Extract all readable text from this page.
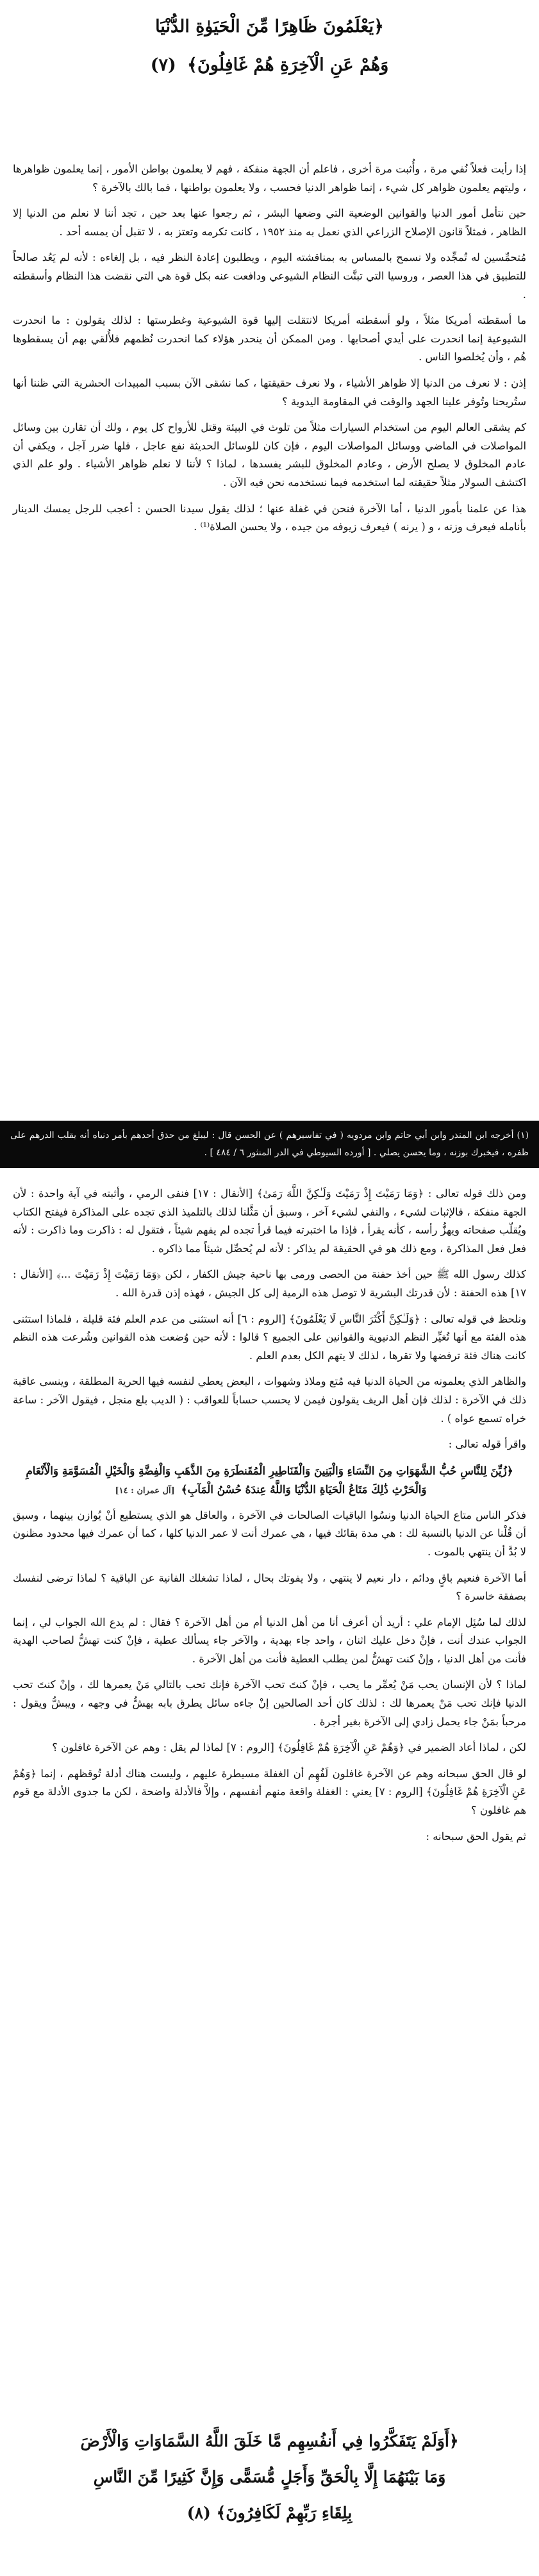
﴿يَعْلَمُونَ ظَاهِرًا مِّنَ الْحَيَوٰةِ الدُّنْيَا
وَهُمْ عَنِ الْآخِرَةِ هُمْ غَافِلُونَ﴾ (٧)

إذا رأيت فعلاً نُفي مرة ، وأُثبت مرة أخرى ، فاعلم أن الجهة منفكة ، فهم لا يعلمون بواطن الأمور ، إنما يعلمون ظواهرها ، وليتهم يعلمون ظواهر كل شيء ، إنما ظواهر الدنيا فحسب ، ولا يعلمون بواطنها ، فما بالك بالآخرة ؟

حين نتأمل أمور الدنيا والقوانين الوضعية التي وضعها البشر ، ثم رجعوا عنها بعد حين ، تجد أننا لا نعلم من الدنيا إلا الظاهر ، فمثلاً قانون الإصلاح الزراعي الذي نعمل به منذ ١٩٥٢ ، كانت تكرمه وتعتز به ، لا تقبل أن يمسه أحد .

مُتحمِّسين له تُمجِّده ولا نسمح بالمساس به بمناقشته اليوم ، ويطلبون إعادة النظر فيه ، بل إلغاءه : لأنه لم يَعُد صالحاً للتطبيق في هذا العصر ، وروسيا التي تبنَّت النظام الشيوعي ودافعت عنه بكل قوة هي التي نقضت هذا النظام وأسقطته .

ما أسقطته أمريكا مثلاً ، ولو أسقطته أمريكا لانتقلت إليها قوة الشيوعية وغطرستها : لذلك يقولون : ما انحدرت الشيوعية إنما انحدرت على أيدي أصحابها . ومن الممكن أن ينحدر هؤلاء كما انحدرت نُظمهم فلأُلقي بهم أن يسقطوها هُم ، وأن يُخلصوا الناس .

إذن : لا نعرف من الدنيا إلا ظواهر الأشياء ، ولا نعرف حقيقتها ، كما نشقى الآن بسبب المبيدات الحشرية التي ظننا أنها ستُريحنا وتُوفر علينا الجهد والوقت في المقاومة اليدوية ؟

كم يشقى العالم اليوم من استخدام السيارات مثلاً من تلوث في البيئة وقتل للأرواح كل يوم ، ولك أن تقارن بين وسائل المواصلات في الماضي ووسائل المواصلات اليوم ، فإن كان للوسائل الحديثة نفع عاجل ، فلها ضرر آجل ، ويكفي أن عادم المخلوق لا يصلح الأرض ، وعادم المخلوق للبشر يفسدها ، لماذا ؟ لأننا لا نعلم ظواهر الأشياء . ولو علم الذي اكتشف السولار مثلاً حقيقته لما استخدمه فيما نستخدمه نحن فيه الآن .

هذا عن علمنا بأمور الدنيا ، أما الآخرة فنحن في غفلة عنها ؛ لذلك يقول سيدنا الحسن : أعجب للرجل يمسك الدينار بأنامله فيعرف وزنه ، و ( يرنه ) فيعرف زيوفه من جيده ، ولا يحسن الصلاة⁽¹⁾ .

(١) أخرجه ابن المنذر وابن أبي حاتم وابن مردويه ( في تفاسيرهم ) عن الحسن قال : ليبلغ من حذق أحدهم بأمر دنياه أنه يقلب الدرهم على ظفره ، فيخبرك بوزنه ، وما يحسن يصلي . [ أورده السيوطي في الدر المنثور ٦ / ٤٨٤ ] .

ومن ذلك قوله تعالى : ﴿وَمَا رَمَيْتَ إِذْ رَمَيْتَ وَلَـٰكِنَّ اللَّهَ رَمَىٰ﴾ [الأنفال : ١٧] فنفى الرمي ، وأثبته في آية واحدة : لأن الجهة منفكة ، فالإثبات لشيء ، والنفي لشيء آخر ، وسبق أن مَثَّلنا لذلك بالتلميذ الذي تجده على المذاكرة فيفتح الكتاب ويُقلّب صفحاته ويهزُّ رأسه ، كأنه يقرأ ، فإذا ما اختبرته فيما قرأ تجده لم يفهم شيئاً ، فتقول له : ذاكرت وما ذاكرت : لأنه فعل فعل المذاكرة ، ومع ذلك هو في الحقيقة لم يذاكر : لأنه لم يُحصِّل شيئاً مما ذاكره .

كذلك رسول الله ﷺ حين أخذ حفنة من الحصى ورمى بها ناحية جيش الكفار ، لكن ﴿وَمَا رَمَيْتَ إِذْ رَمَيْتَ ...﴾ [الأنفال : ١٧] هذه الحفنة : لأن قدرتك البشرية لا توصل هذه الرمية إلى كل الجيش ، فهذه إذن قدرة الله .

ونلحظ في قوله تعالى : ﴿وَلَـٰكِنَّ أَكْثَرَ النَّاسِ لَا يَعْلَمُونَ﴾ [الروم : ٦] أنه استثنى من عدم العلم فئة قليلة ، فلماذا استثنى هذه الفئة مع أنها تُغيِّر النظم الدنيوية والقوانين على الجميع ؟ قالوا : لأنه حين وُضعت هذه القوانين وشُرعت هذه النظم كانت هناك فئة ترفضها ولا تقرها ، لذلك لا يتهم الكل بعدم العلم .

والظاهر الذي يعلمونه من الحياة الدنيا فيه مُتع وملاذ وشهوات ، البعض يعطي لنفسه فيها الحرية المطلقة ، وينسى عاقبة ذلك في الآخرة : لذلك فإن أهل الريف يقولون فيمن لا يحسب حساباً للعواقب : ( الديب بلع منجل ، فيقول الآخر : ساعة خراه تسمع عواه ) .

واقرأ قوله تعالى :

﴿زُيِّنَ لِلنَّاسِ حُبُّ الشَّهَوَاتِ مِنَ النِّسَاءِ وَالْبَنِينَ وَالْقَنَاطِيرِ الْمُقَنطَرَةِ مِنَ الذَّهَبِ وَالْفِضَّةِ وَالْخَيْلِ الْمُسَوَّمَةِ وَالْأَنْعَامِ وَالْحَرْثِ ذَٰلِكَ مَتَاعُ الْحَيَاةِ الدُّنْيَا وَاللَّهُ عِندَهُ حُسْنُ الْمَآبِ﴾ [آل عمران : ١٤]

فذكر الناس متاع الحياة الدنيا ونسُوا الباقيات الصالحات في الآخرة ، والعاقل هو الذي يستطيع أنْ يُوازن بينهما ، وسبق أن قُلْنا عن الدنيا بالنسبة لك : هي مدة بقائك فيها ، هي عمرك أنت لا عمر الدنيا كلها ، كما أن عمرك فيها محدود مظنون لا بُدَّ أن ينتهي بالموت .

أما الآخرة فنعيم باقٍ ودائم ، دار نعيم لا ينتهي ، ولا يفوتك بحال ، لماذا تشغلك الفانية عن الباقية ؟ لماذا ترضى لنفسك بصفقة خاسرة ؟

لذلك لما سُئِل الإمام علي : أريد أن أعرف أنا من أهل الدنيا أم من أهل الآخرة ؟ فقال : لم يدع الله الجواب لي ، إنما الجواب عندك أنت ، فإنْ دخل عليك اثنان ، واحد جاء بهدية ، والآخر جاء يسألك عطية ، فإنْ كنت تهشُّ لصاحب الهدية فأنت من أهل الدنيا ، وإنْ كنت تهشُّ لمن يطلب العطية فأنت من أهل الآخرة .

لماذا ؟ لأن الإنسان يحب مَنْ يُعمِّر ما يحب ، فإنْ كنتَ تحب الآخرة فإنك تحب بالتالي مَنْ يعمرها لك ، وإنْ كنتَ تحب الدنيا فإنك تحب مَنْ يعمرها لك : لذلك كان أحد الصالحين إنْ جاءه سائل يطرق بابه يهشُّ في وجهه ، ويبشُّ ويقول : مرحباً بمَنْ جاء يحمل زادي إلى الآخرة بغير أجرة .

لكن ، لماذا أعاد الضمير في ﴿وَهُمْ عَنِ الْآخِرَةِ هُمْ غَافِلُونَ﴾ [الروم : ٧] لماذا لم يقل : وهم عن الآخرة غافلون ؟

لو قال الحق سبحانه وهم عن الآخرة غافلون لَفُهِم أن الغفلة مسيطرة عليهم ، وليست هناك أدلة تُوقظهم ، إنما ﴿وَهُمْ عَنِ الْآخِرَةِ هُمْ غَافِلُونَ﴾ [الروم : ٧] يعني : الغفلة واقعة منهم أنفسهم ، وإلاَّ فالأدلة واضحة ، لكن ما جدوى الأدلة مع قوم هم غافلون ؟

ثم يقول الحق سبحانه :

﴿أَوَلَمْ يَتَفَكَّرُوا فِي أَنفُسِهِم مَّا خَلَقَ اللَّهُ السَّمَاوَاتِ وَالْأَرْضَ
وَمَا بَيْنَهُمَا إِلَّا بِالْحَقِّ وَأَجَلٍ مُّسَمًّى وَإِنَّ كَثِيرًا مِّنَ النَّاسِ
بِلِقَاءِ رَبِّهِمْ لَكَافِرُونَ﴾ (٨)
